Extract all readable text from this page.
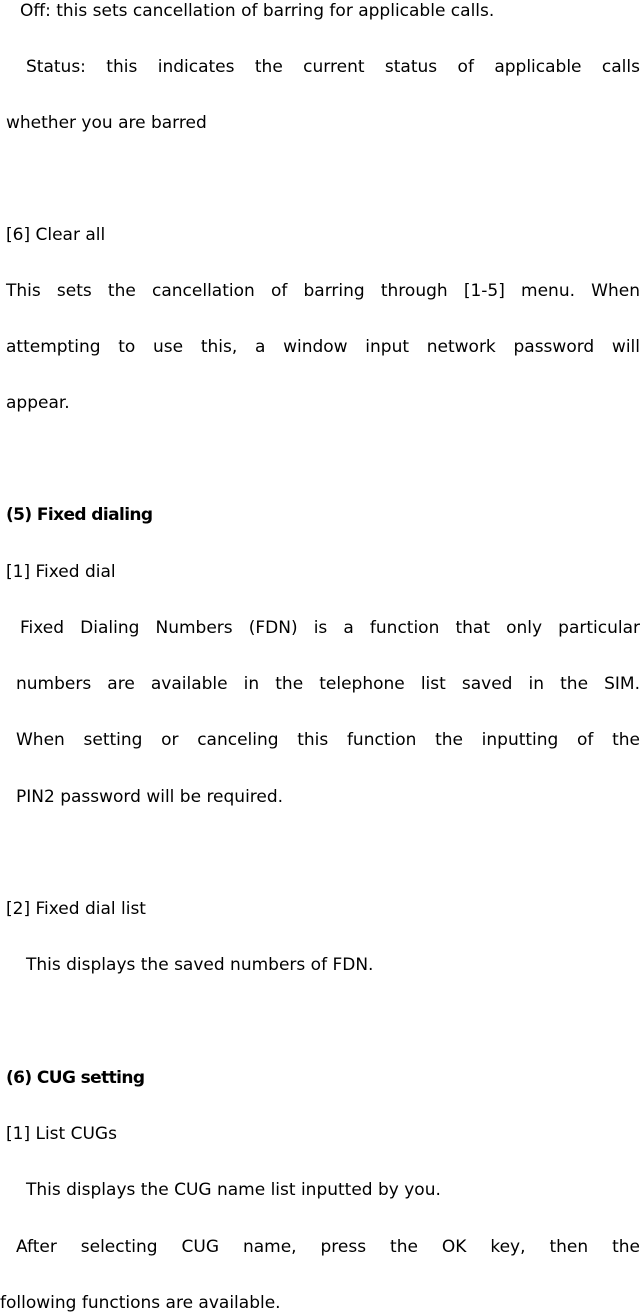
Off: this sets cancellation of barring for applicable calls.

Status: this indicates the current status of applicable calls

whether you are barred

[6] Clear all

This sets the cancellation of barring through [1-5] menu. When

attempting to use this, a window input network password will

appear.

(5) Fixed dialing

[1] Fixed dial

Fixed Dialing Numbers (FDN) is a function that only particular

numbers are available in the telephone list saved in the SIM.

When setting or canceling this function the inputting of the

PIN2 password will be required.

[2] Fixed dial list

This displays the saved numbers of FDN.

(6) CUG setting

[1] List CUGs

This displays the CUG name list inputted by you.

After selecting CUG name, press the OK key, then the

following functions are available.
